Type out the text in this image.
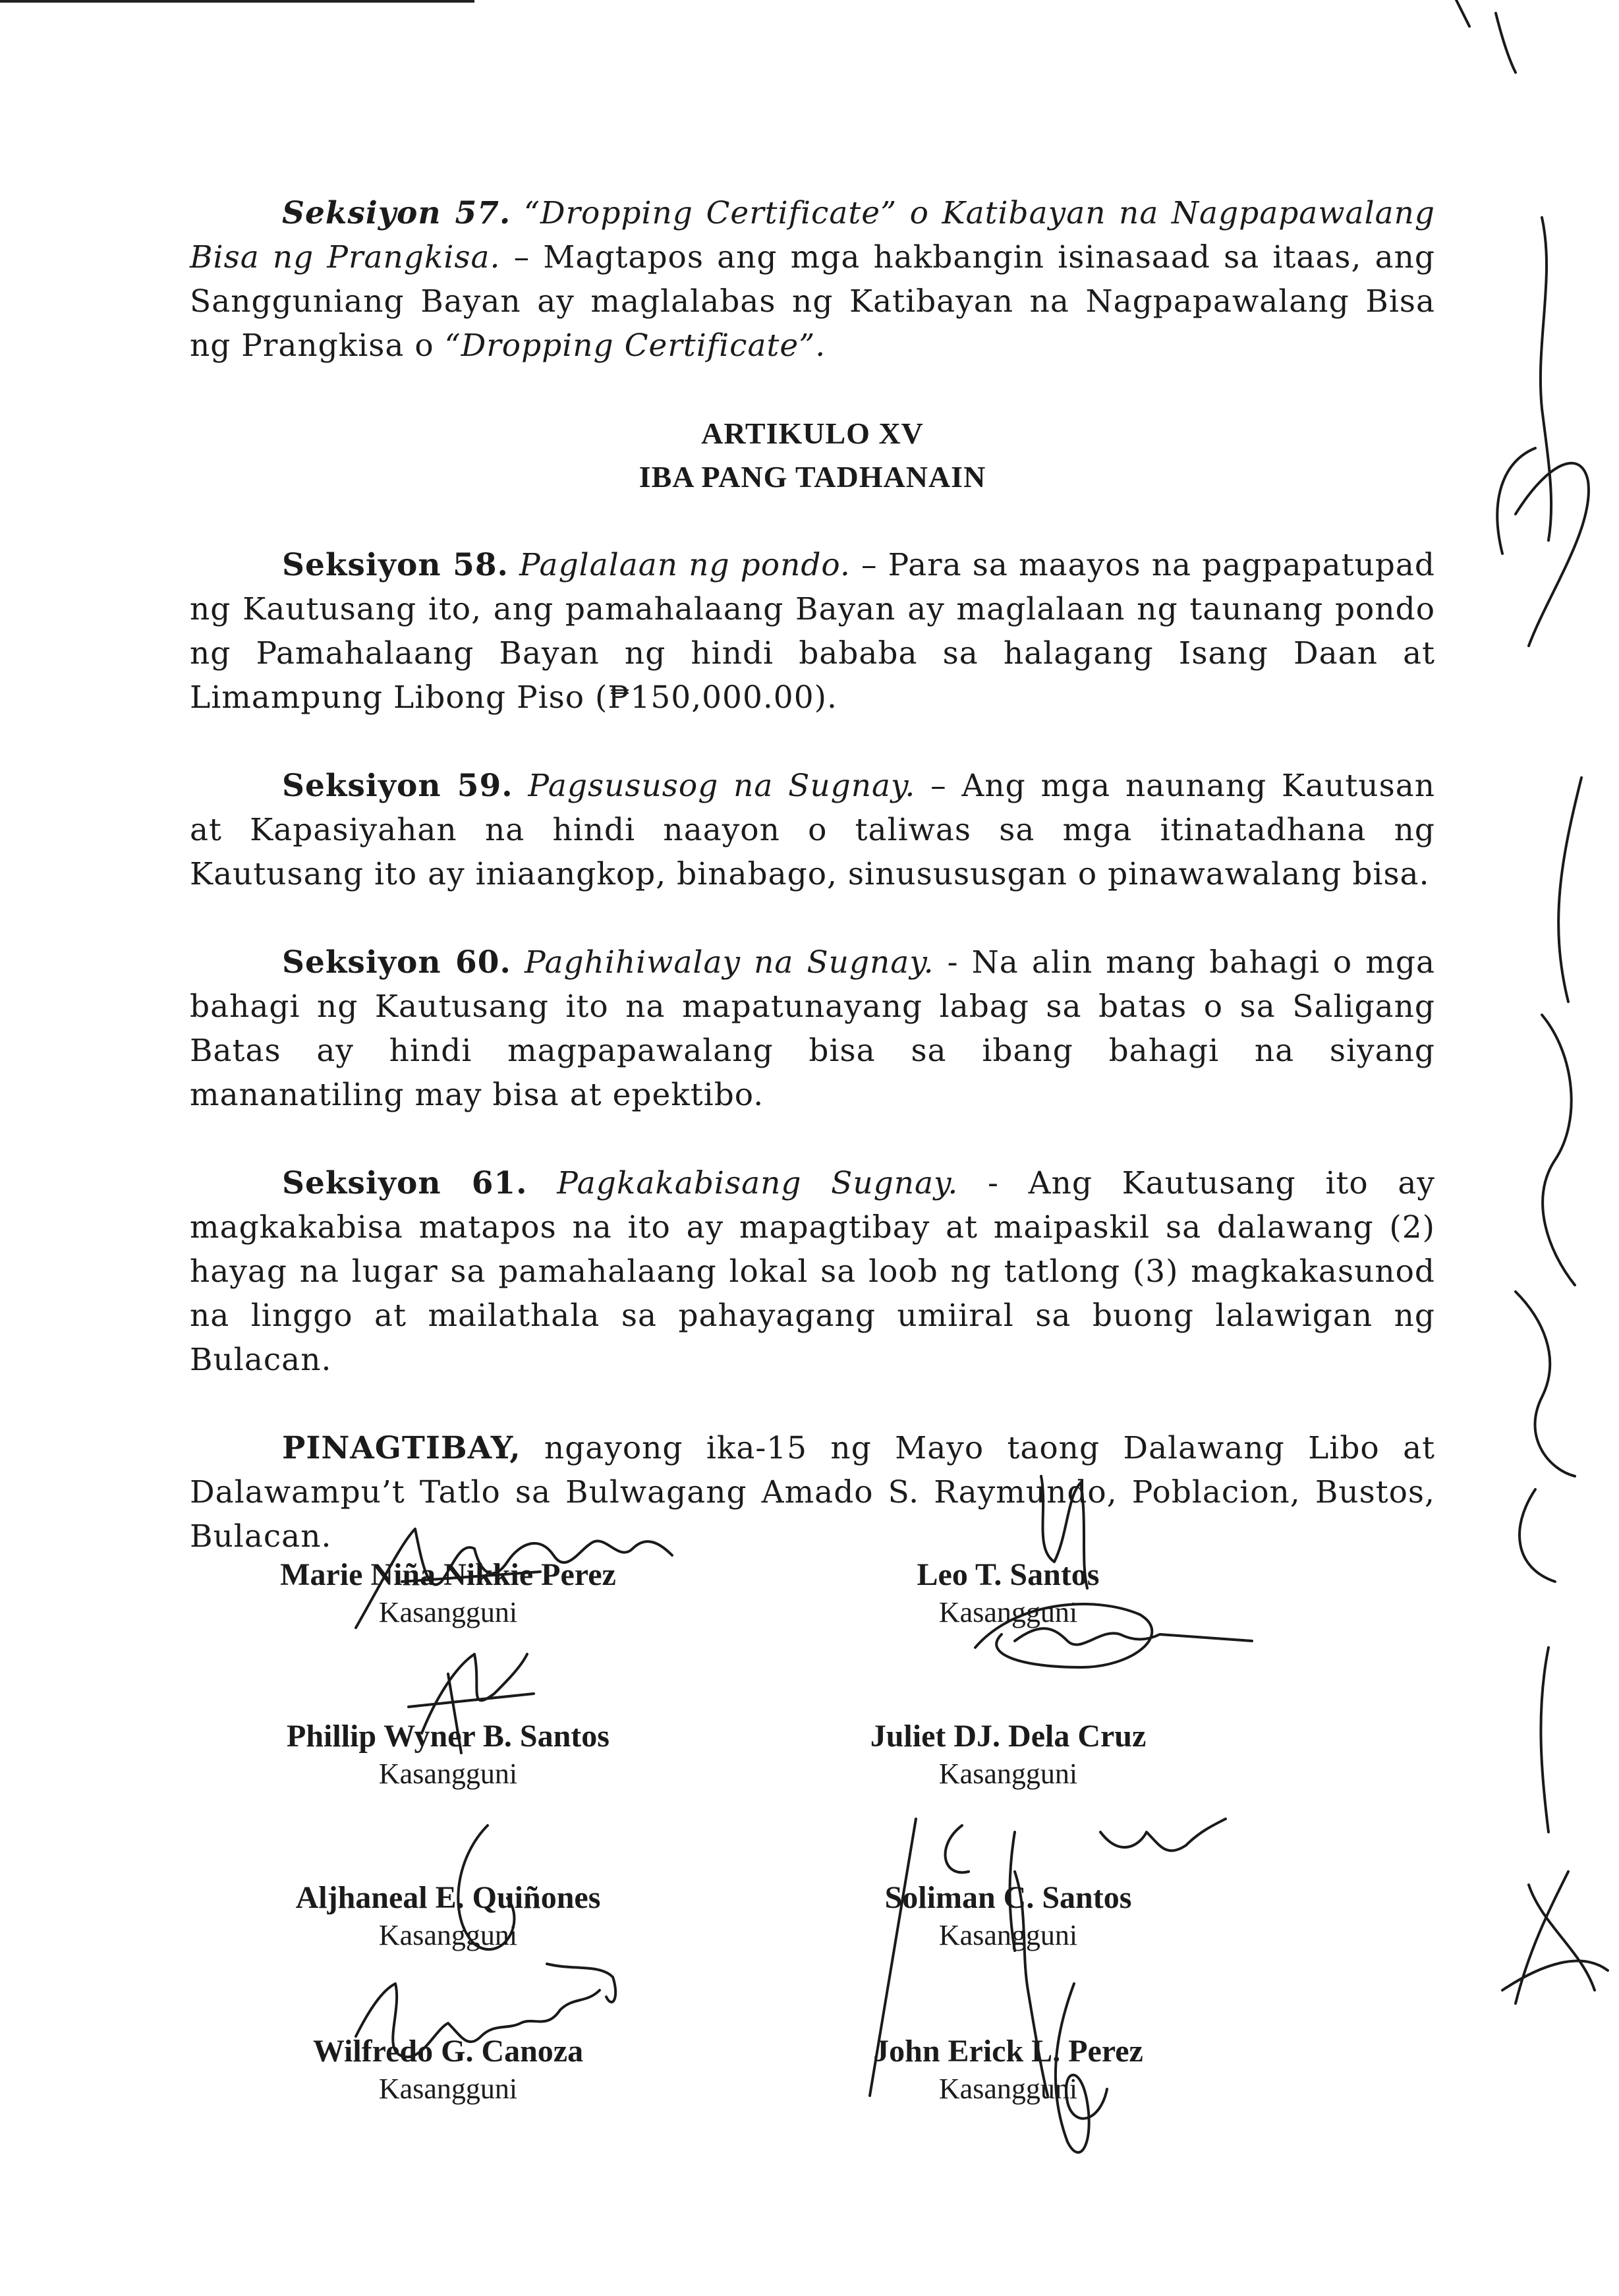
Seksiyon 57. “Dropping Certificate” o Katibayan na Nagpapawalang Bisa ng Prangkisa. – Magtapos ang mga hakbangin isinasaad sa itaas, ang Sangguniang Bayan ay maglalabas ng Katibayan na Nagpapawalang Bisa ng Prangkisa o “Dropping Certificate”.

ARTIKULO XV
IBA PANG TADHANAIN

Seksiyon 58. Paglalaan ng pondo. – Para sa maayos na pagpapatupad ng Kautusang ito, ang pamahalaang Bayan ay maglalaan ng taunang pondo ng Pamahalaang Bayan ng hindi bababa sa halagang Isang Daan at Limampung Libong Piso (₱150,000.00).

Seksiyon 59. Pagsususog na Sugnay. – Ang mga naunang Kautusan at Kapasiyahan na hindi naayon o taliwas sa mga itinatadhana ng Kautusang ito ay iniaangkop, binabago, sinusususgan o pinawawalang bisa.

Seksiyon 60. Paghihiwalay na Sugnay. - Na alin mang bahagi o mga bahagi ng Kautusang ito na mapatunayang labag sa batas o sa Saligang Batas ay hindi magpapawalang bisa sa ibang bahagi na siyang mananatiling may bisa at epektibo.

Seksiyon 61. Pagkakabisang Sugnay. - Ang Kautusang ito ay magkakabisa matapos na ito ay mapagtibay at maipaskil sa dalawang (2) hayag na lugar sa pamahalaang lokal sa loob ng tatlong (3) magkakasunod na linggo at mailathala sa pahayagang umiiral sa buong lalawigan ng Bulacan.

PINAGTIBAY, ngayong ika-15 ng Mayo taong Dalawang Libo at Dalawampu’t Tatlo sa Bulwagang Amado S. Raymundo, Poblacion, Bustos, Bulacan.

Marie Niña Nikkie Perez
Kasangguni
Phillip Wyner B. Santos
Kasangguni
Aljhaneal E. Quiñones
Kasangguni
Wilfredo G. Canoza
Kasangguni
Leo T. Santos
Kasangguni
Juliet DJ. Dela Cruz
Kasangguni
Soliman C. Santos
Kasangguni
John Erick L. Perez
Kasangguni
